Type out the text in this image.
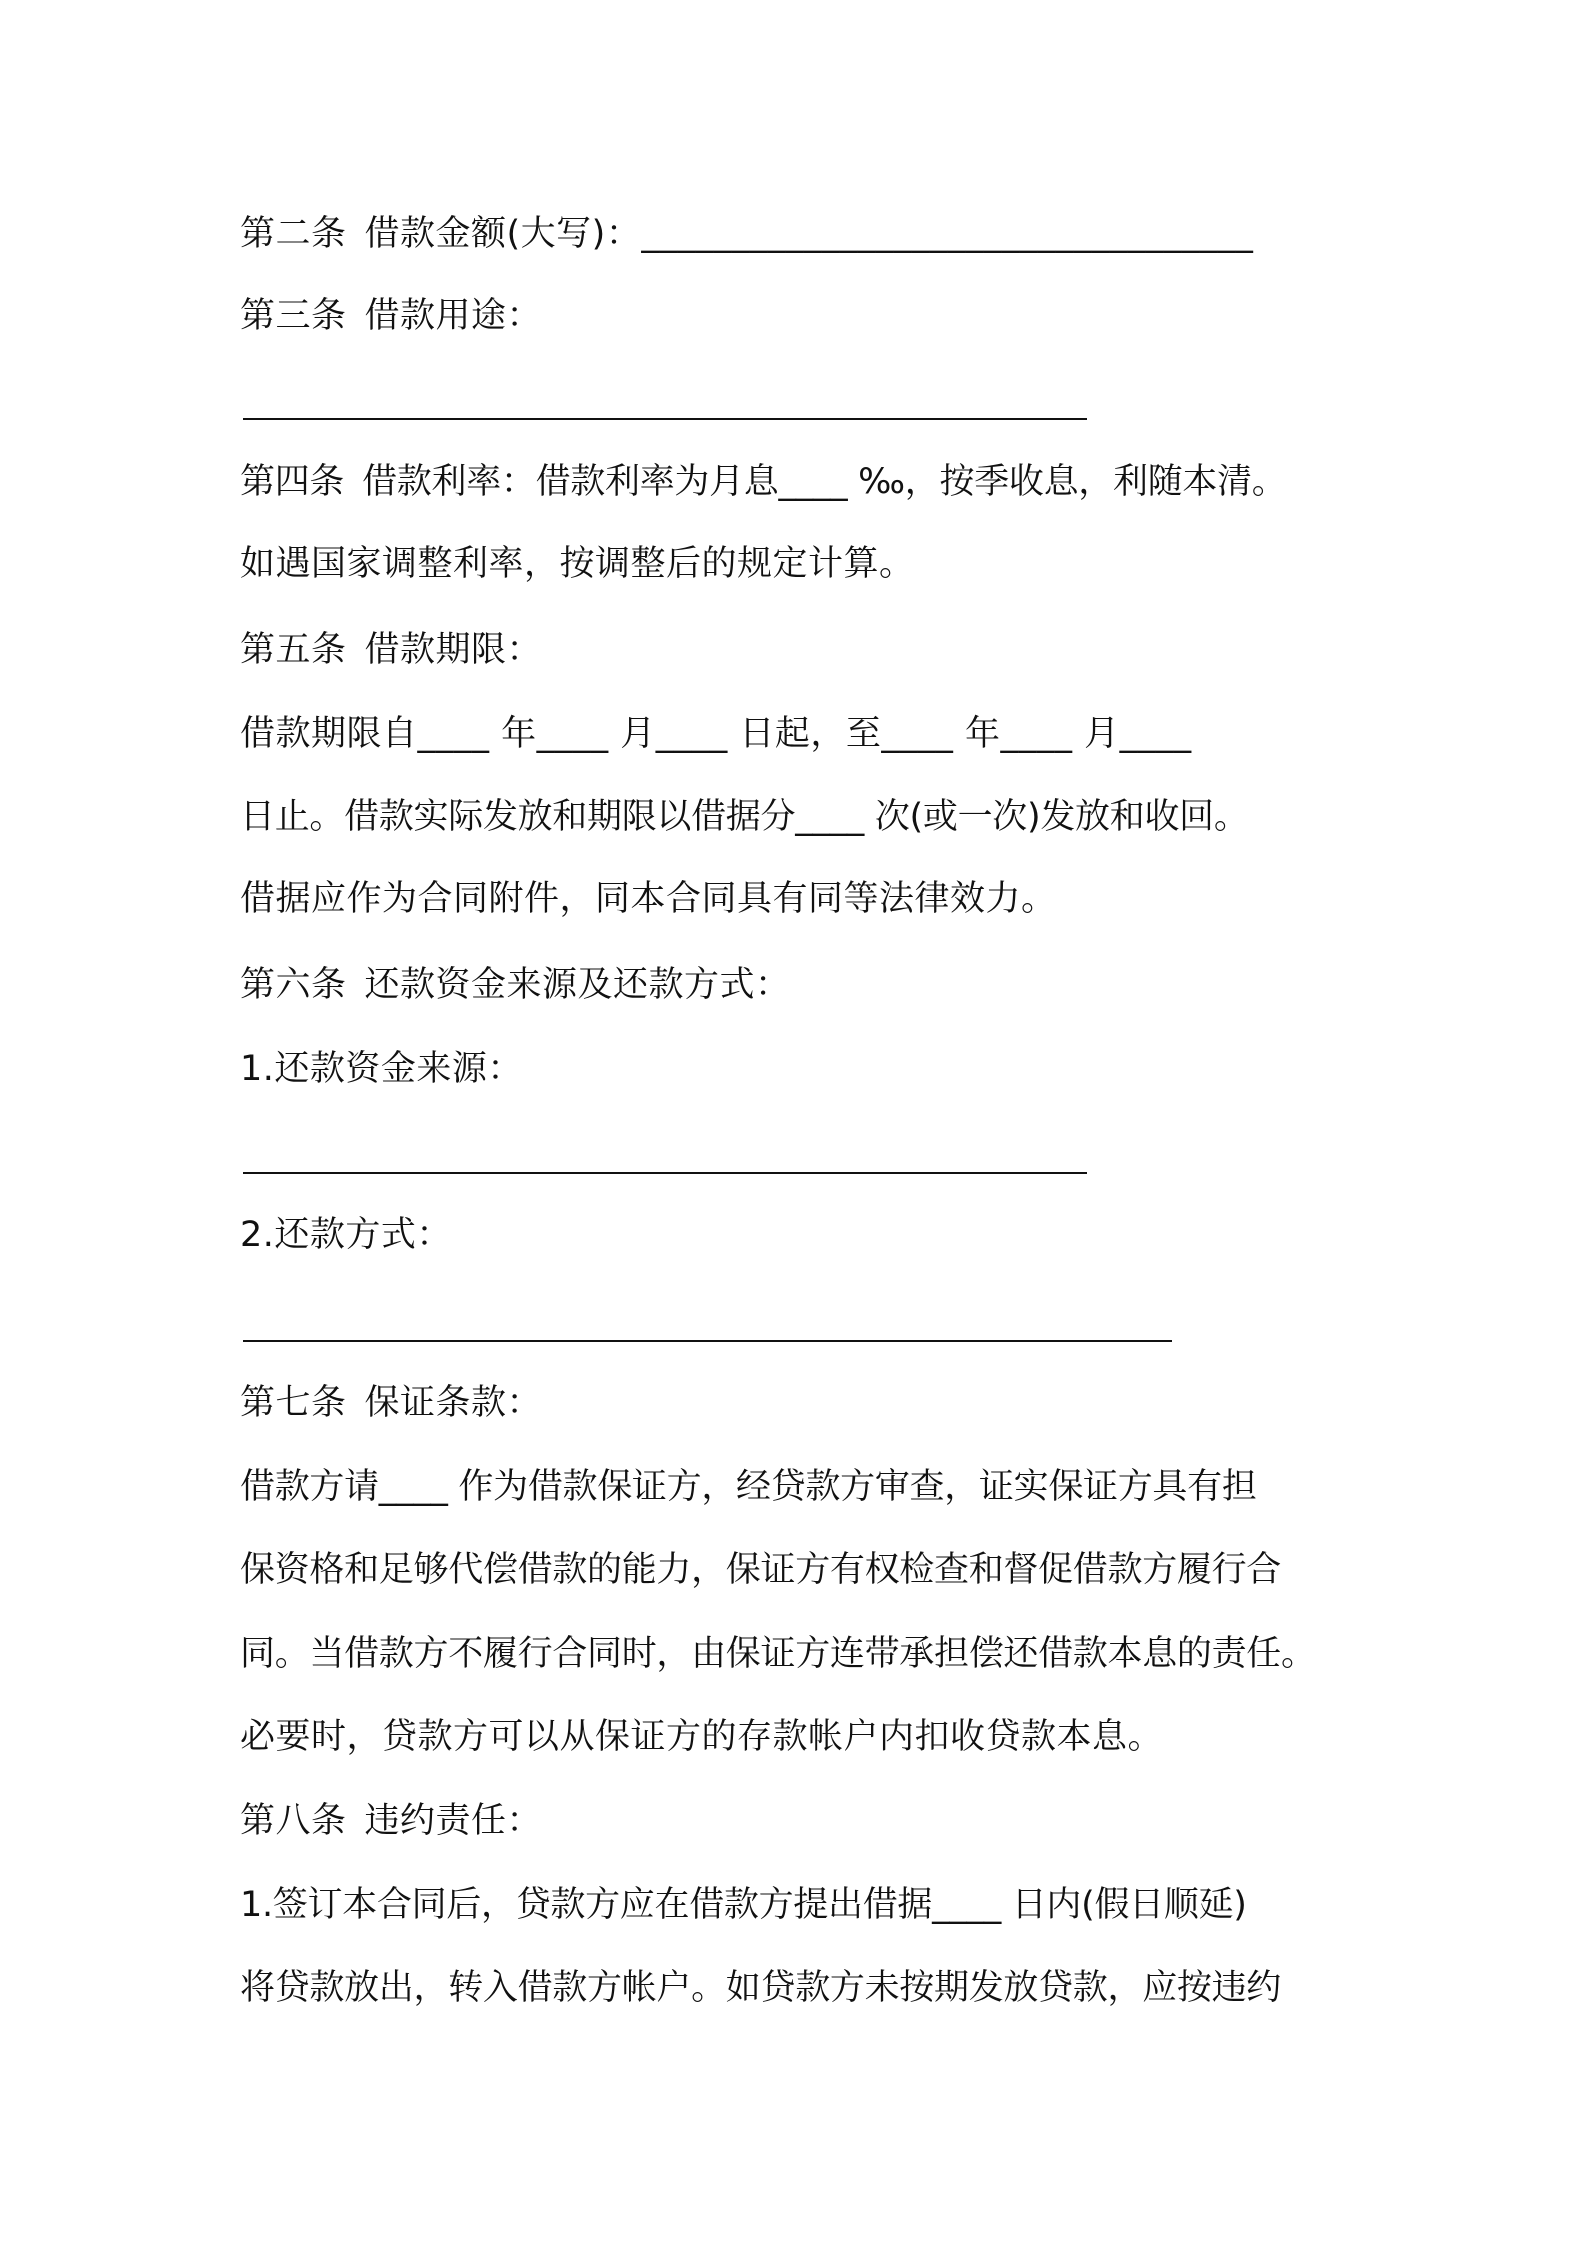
第二条 借款金额(大写)：__________________________________
第三条 借款用途：
第四条 借款利率：借款利率为月息____ ‰，按季收息，利随本清。
如遇国家调整利率，按调整后的规定计算。
第五条 借款期限：
借款期限自____ 年____ 月____ 日起，至____ 年____ 月____
日止。借款实际发放和期限以借据分____ 次(或一次)发放和收回。
借据应作为合同附件，同本合同具有同等法律效力。
第六条 还款资金来源及还款方式：
1.还款资金来源：
2.还款方式：
第七条 保证条款：
借款方请____ 作为借款保证方，经贷款方审查，证实保证方具有担
保资格和足够代偿借款的能力，保证方有权检查和督促借款方履行合
同。当借款方不履行合同时，由保证方连带承担偿还借款本息的责任。
必要时，贷款方可以从保证方的存款帐户内扣收贷款本息。
第八条 违约责任：
1.签订本合同后，贷款方应在借款方提出借据____ 日内(假日顺延)
将贷款放出，转入借款方帐户。如贷款方未按期发放贷款，应按违约
